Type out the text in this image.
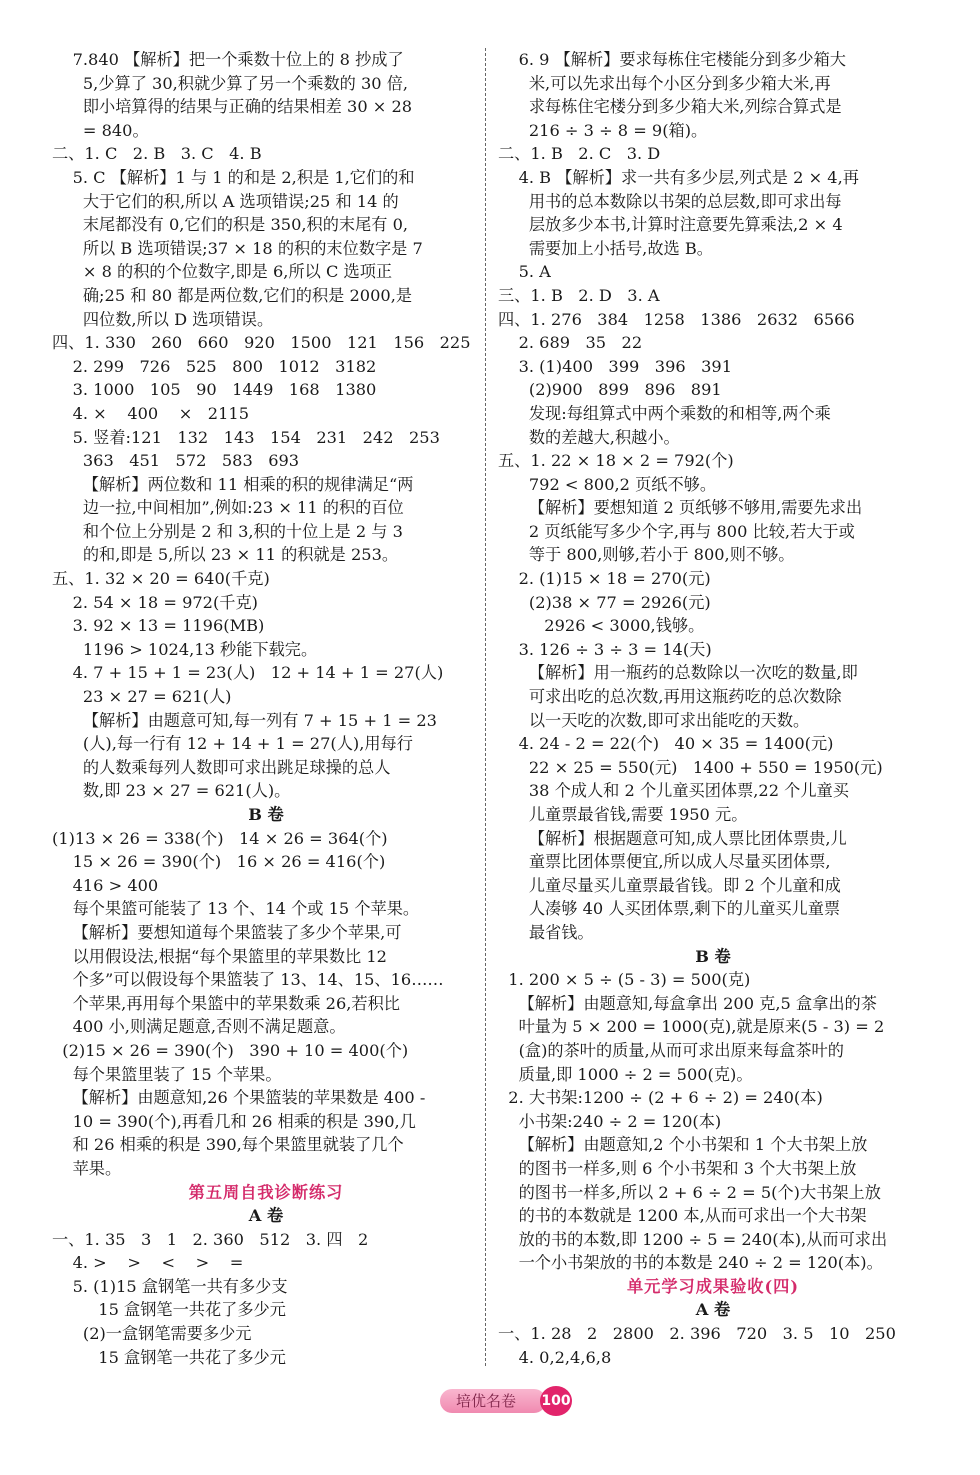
7.840 【解析】把一个乘数十位上的 8 抄成了
5,少算了 30,积就少算了另一个乘数的 30 倍,
即小培算得的结果与正确的结果相差 30 × 28
= 840。
二、1. C   2. B   3. C   4. B
5. C 【解析】1 与 1 的和是 2,积是 1,它们的和
大于它们的积,所以 A 选项错误;25 和 14 的
末尾都没有 0,它们的积是 350,积的末尾有 0,
所以 B 选项错误;37 × 18 的积的末位数字是 7
× 8 的积的个位数字,即是 6,所以 C 选项正
确;25 和 80 都是两位数,它们的积是 2000,是
四位数,所以 D 选项错误。
四、1. 330   260   660   920   1500   121   156   225
2. 299   726   525   800   1012   3182
3. 1000   105   90   1449   168   1380
4. ×    400    ×   2115
5. 竖着:121   132   143   154   231   242   253
363   451   572   583   693
【解析】两位数和 11 相乘的积的规律满足“两
边一拉,中间相加”,例如:23 × 11 的积的百位
和个位上分别是 2 和 3,积的十位上是 2 与 3
的和,即是 5,所以 23 × 11 的积就是 253。
五、1. 32 × 20 = 640(千克)
2. 54 × 18 = 972(千克)
3. 92 × 13 = 1196(MB)
1196 > 1024,13 秒能下载完。
4. 7 + 15 + 1 = 23(人)   12 + 14 + 1 = 27(人)
23 × 27 = 621(人)
【解析】由题意可知,每一列有 7 + 15 + 1 = 23
(人),每一行有 12 + 14 + 1 = 27(人),用每行
的人数乘每列人数即可求出跳足球操的总人
数,即 23 × 27 = 621(人)。
B 卷
(1)13 × 26 = 338(个)   14 × 26 = 364(个)
15 × 26 = 390(个)   16 × 26 = 416(个)
416 > 400
每个果篮可能装了 13 个、14 个或 15 个苹果。
【解析】要想知道每个果篮装了多少个苹果,可
以用假设法,根据“每个果篮里的苹果数比 12
个多”可以假设每个果篮装了 13、14、15、16……
个苹果,再用每个果篮中的苹果数乘 26,若积比
400 小,则满足题意,否则不满足题意。
(2)15 × 26 = 390(个)   390 + 10 = 400(个)
每个果篮里装了 15 个苹果。
【解析】由题意知,26 个果篮装的苹果数是 400 -
10 = 390(个),再看几和 26 相乘的积是 390,几
和 26 相乘的积是 390,每个果篮里就装了几个
苹果。
第五周自我诊断练习
A 卷
一、1. 35   3   1   2. 360   512   3. 四   2
4. >    >    <    >    =
5. (1)15 盒钢笔一共有多少支
15 盒钢笔一共花了多少元
(2)一盒钢笔需要多少元
15 盒钢笔一共花了多少元
6. 9 【解析】要求每栋住宅楼能分到多少箱大
米,可以先求出每个小区分到多少箱大米,再
求每栋住宅楼分到多少箱大米,列综合算式是
216 ÷ 3 ÷ 8 = 9(箱)。
二、1. B   2. C   3. D
4. B 【解析】求一共有多少层,列式是 2 × 4,再
用书的总本数除以书架的总层数,即可求出每
层放多少本书,计算时注意要先算乘法,2 × 4
需要加上小括号,故选 B。
5. A
三、1. B   2. D   3. A
四、1. 276   384   1258   1386   2632   6566
2. 689   35   22
3. (1)400   399   396   391
(2)900   899   896   891
发现:每组算式中两个乘数的和相等,两个乘
数的差越大,积越小。
五、1. 22 × 18 × 2 = 792(个)
792 < 800,2 页纸不够。
【解析】要想知道 2 页纸够不够用,需要先求出
2 页纸能写多少个字,再与 800 比较,若大于或
等于 800,则够,若小于 800,则不够。
2. (1)15 × 18 = 270(元)
(2)38 × 77 = 2926(元)
2926 < 3000,钱够。
3. 126 ÷ 3 ÷ 3 = 14(天)
【解析】用一瓶药的总数除以一次吃的数量,即
可求出吃的总次数,再用这瓶药吃的总次数除
以一天吃的次数,即可求出能吃的天数。
4. 24 - 2 = 22(个)   40 × 35 = 1400(元)
22 × 25 = 550(元)   1400 + 550 = 1950(元)
38 个成人和 2 个儿童买团体票,22 个儿童买
儿童票最省钱,需要 1950 元。
【解析】根据题意可知,成人票比团体票贵,儿
童票比团体票便宜,所以成人尽量买团体票,
儿童尽量买儿童票最省钱。即 2 个儿童和成
人凑够 40 人买团体票,剩下的儿童买儿童票
最省钱。
B 卷
1. 200 × 5 ÷ (5 - 3) = 500(克)
【解析】由题意知,每盒拿出 200 克,5 盒拿出的茶
叶量为 5 × 200 = 1000(克),就是原来(5 - 3) = 2
(盒)的茶叶的质量,从而可求出原来每盒茶叶的
质量,即 1000 ÷ 2 = 500(克)。
2. 大书架:1200 ÷ (2 + 6 ÷ 2) = 240(本)
小书架:240 ÷ 2 = 120(本)
【解析】由题意知,2 个小书架和 1 个大书架上放
的图书一样多,则 6 个小书架和 3 个大书架上放
的图书一样多,所以 2 + 6 ÷ 2 = 5(个)大书架上放
的书的本数就是 1200 本,从而可求出一个大书架
放的书的本数,即 1200 ÷ 5 = 240(本),从而可求出
一个小书架放的书的本数是 240 ÷ 2 = 120(本)。
单元学习成果验收(四)
A 卷
一、1. 28   2   2800   2. 396   720   3. 5   10   250
4. 0,2,4,6,8
培优名卷	100
